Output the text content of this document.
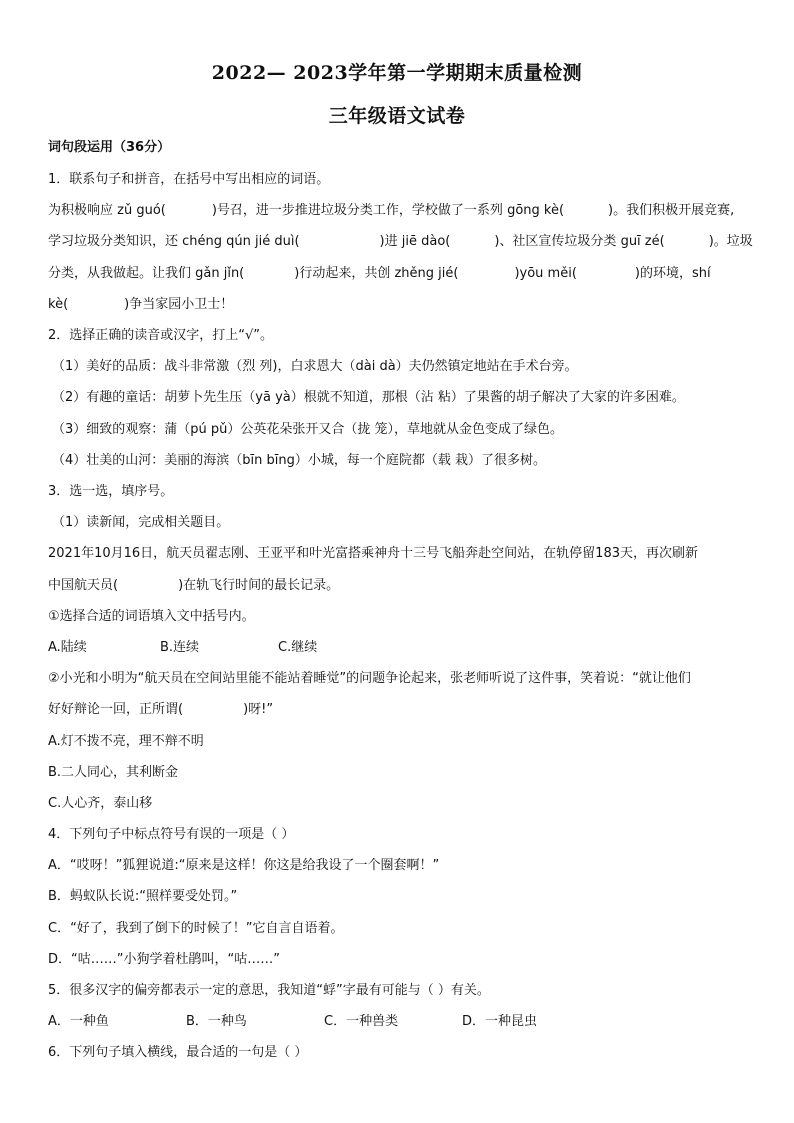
2022— 2023学年第一学期期末质量检测
三年级语文试卷
词句段运用（36分）
1．联系句子和拼音，在括号中写出相应的词语。
为积极响应 zǔ guó(	)号召，进一步推进垃圾分类工作，学校做了一系列 gōng kè(	)。我们积极开展竞赛,
学习垃圾分类知识，还 chéng qún jié duì(	)进 jiē dào(	)、社区宣传垃圾分类 guī zé(	)。垃圾
分类，从我做起。让我们 gǎn jǐn(	)行动起来，共创 zhěng jié(	)yōu měi(	)的环境，shí
kè(	)争当家园小卫士！
2．选择正确的读音或汉字，打上“√”。
（1）美好的品质：战斗非常激（烈 列)，白求恩大（dài dà）夫仍然镇定地站在手术台旁。
（2）有趣的童话：胡萝卜先生压（yā yà）根就不知道，那根（沾 粘）了果酱的胡子解决了大家的许多困难。
（3）细致的观察：蒲（pú pǔ）公英花朵张开又合（拢 笼），草地就从金色变成了绿色。
（4）壮美的山河：美丽的海滨（bīn bīng）小城，每一个庭院都（载 栽）了很多树。
3．选一选，填序号。
（1）读新闻，完成相关题目。
2021年10月16日，航天员翟志刚、王亚平和叶光富搭乘神舟十三号飞船奔赴空间站，在轨停留183天，再次刷新
中国航天员(	)在轨飞行时间的最长记录。
①选择合适的词语填入文中括号内。
A.陆续	B.连续	C.继续
②小光和小明为“航天员在空间站里能不能站着睡觉”的问题争论起来，张老师听说了这件事，笑着说：“就让他们
好好辩论一回，正所谓(	)呀!”
A.灯不拨不亮，理不辩不明
B.二人同心，其利断金
C.人心齐，泰山移
4．下列句子中标点符号有误的一项是（ ）
A．“哎呀！”狐狸说道:“原来是这样！你这是给我设了一个圈套啊！”
B．蚂蚁队长说:“照样要受处罚。”
C．“好了，我到了倒下的时候了！”它自言自语着。
D．“咕……”小狗学着杜鹃叫，“咕……”
5．很多汉字的偏旁都表示一定的意思，我知道“蜉”字最有可能与（ ）有关。
A．一种鱼	B．一种鸟	C．一种兽类	D．一种昆虫
6．下列句子填入横线，最合适的一句是（ ）
